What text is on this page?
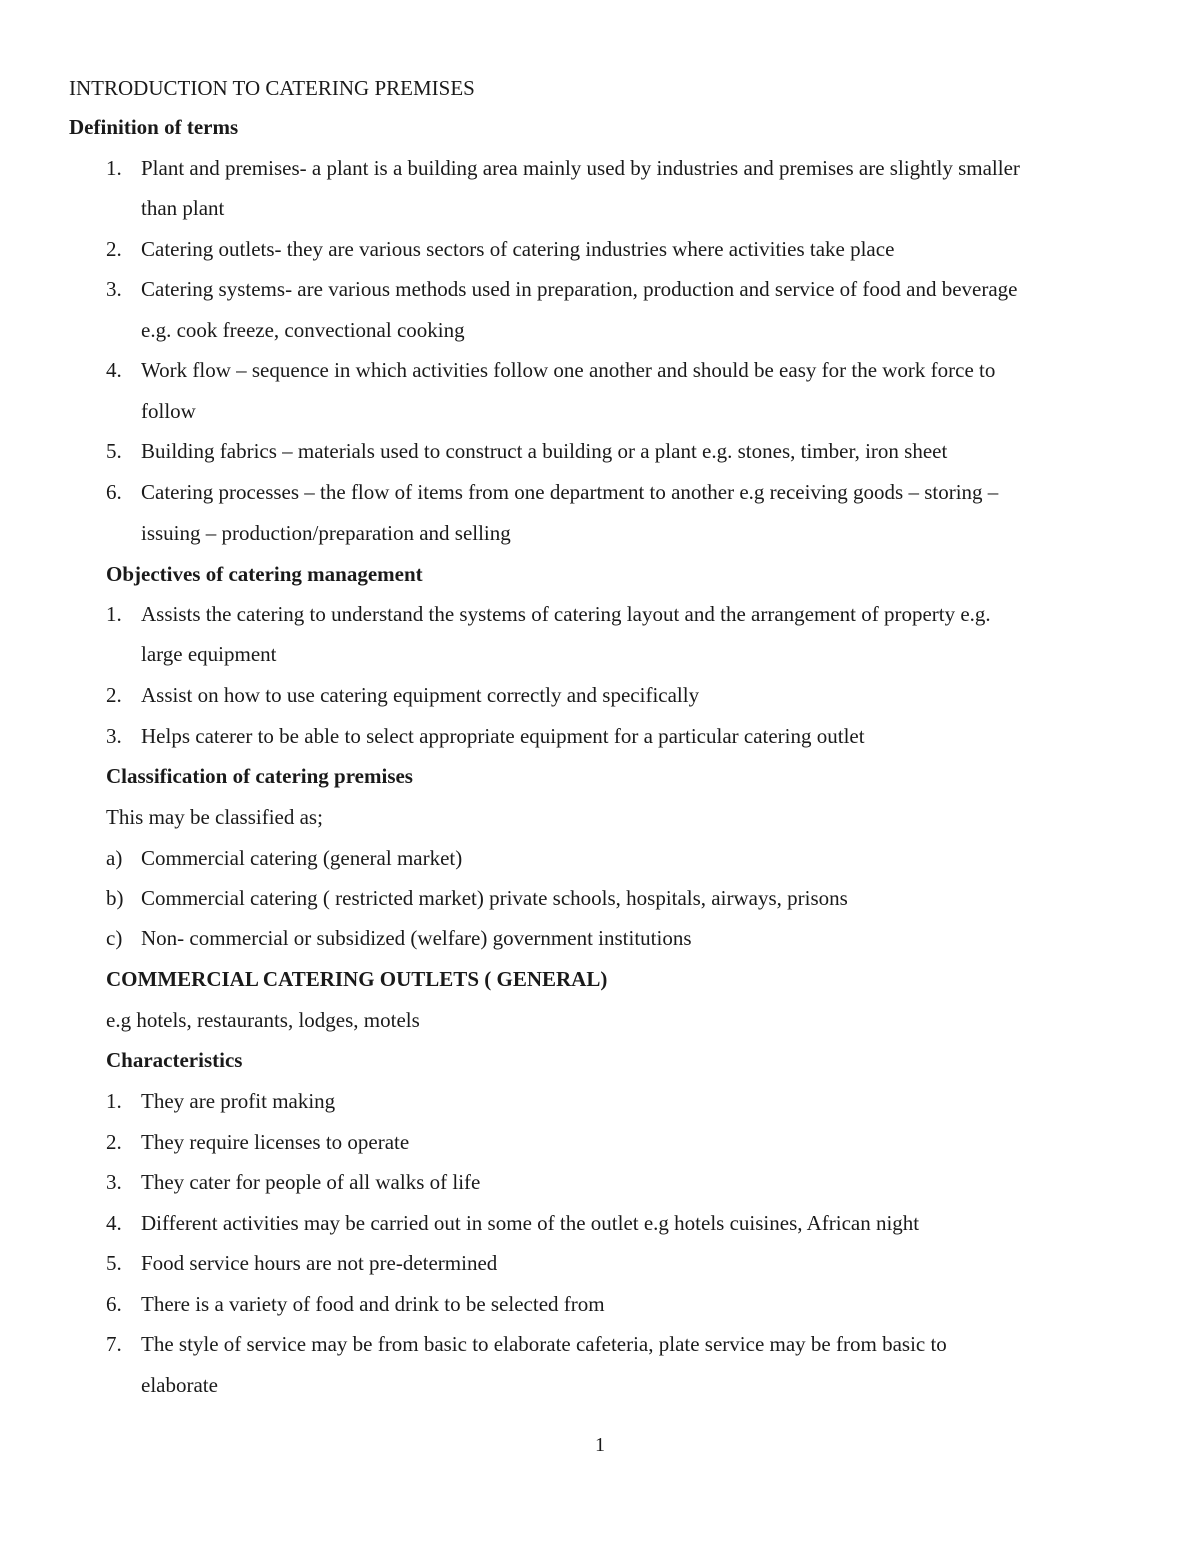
INTRODUCTION TO CATERING PREMISES
Definition of terms
1. Plant and premises- a plant is a building area mainly used by industries and premises are slightly smaller
than plant
2. Catering outlets- they are various sectors of catering industries where activities take place
3. Catering systems- are various methods used in preparation, production and service of food and beverage
e.g. cook freeze, convectional cooking
4. Work flow – sequence in which activities follow one another and should be easy for the work force to
follow
5. Building fabrics – materials used to construct a building or a plant e.g. stones, timber, iron sheet
6. Catering processes – the flow of items from one department to another e.g receiving goods – storing –
issuing – production/preparation and selling
Objectives of catering management
1. Assists the catering to understand the systems of catering layout and the arrangement of property e.g.
large equipment
2. Assist on how to use catering equipment correctly and specifically
3. Helps caterer to be able to select appropriate equipment for a particular catering outlet
Classification of catering premises
This may be classified as;
a) Commercial catering (general market)
b) Commercial catering ( restricted market) private schools, hospitals, airways, prisons
c) Non- commercial or subsidized (welfare) government institutions
COMMERCIAL CATERING OUTLETS ( GENERAL)
e.g hotels, restaurants, lodges, motels
Characteristics
1. They are profit making
2. They require licenses to operate
3. They cater for people of all walks of life
4. Different activities may be carried out in some of the outlet e.g hotels cuisines, African night
5. Food service hours are not pre-determined
6. There is a variety of food and drink to be selected from
7. The style of service may be from basic to elaborate cafeteria, plate service may be from basic to
elaborate
1
